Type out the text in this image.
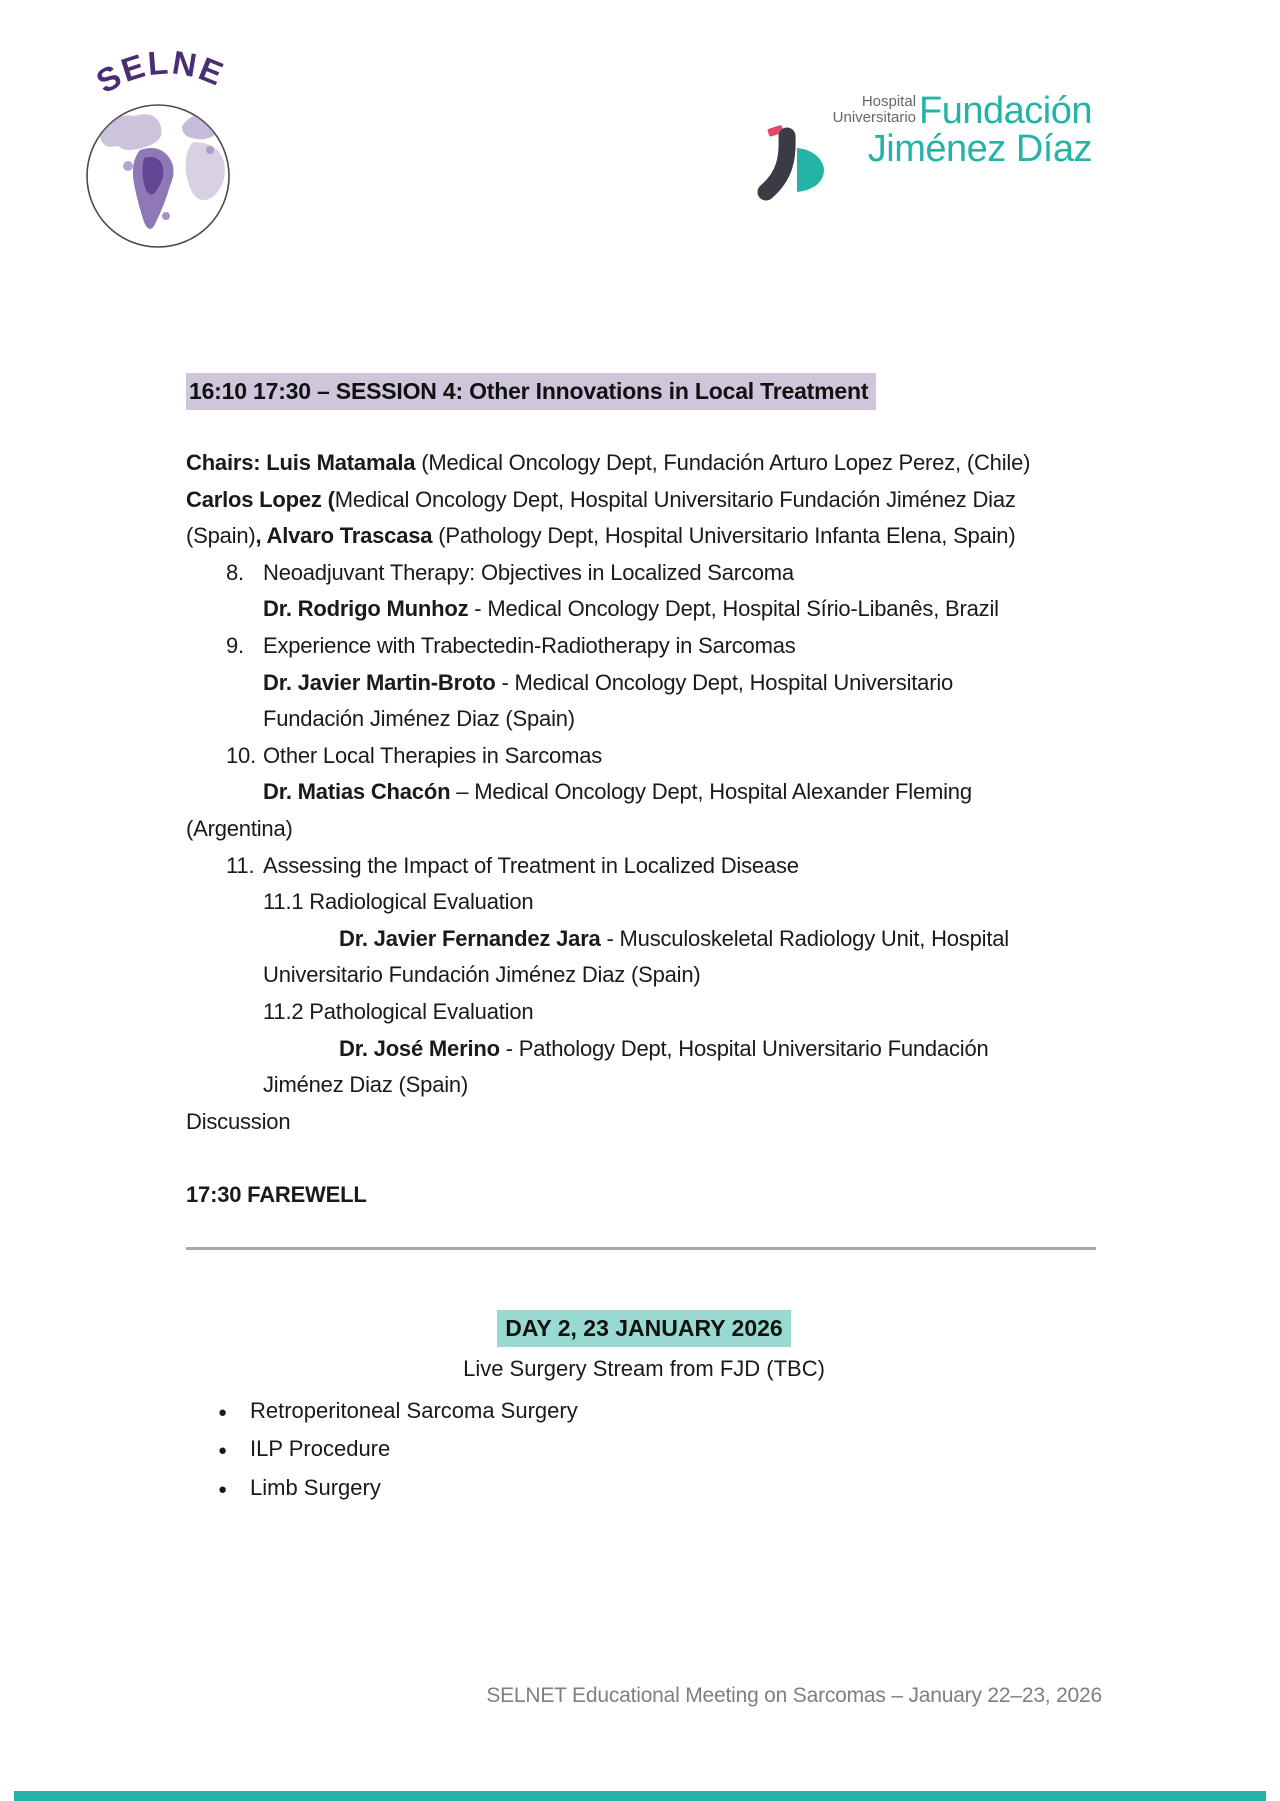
SELNE
Hospital
Universitario Fundación
Jiménez Díaz
16:10 17:30 – SESSION 4: Other Innovations in Local Treatment
Chairs: Luis Matamala (Medical Oncology Dept, Fundación Arturo Lopez Perez, (Chile)
Carlos Lopez (Medical Oncology Dept, Hospital Universitario Fundación Jiménez Diaz
(Spain), Alvaro Trascasa (Pathology Dept, Hospital Universitario Infanta Elena, Spain)
8. Neoadjuvant Therapy: Objectives in Localized Sarcoma
Dr. Rodrigo Munhoz - Medical Oncology Dept, Hospital Sírio-Libanês, Brazil
9. Experience with Trabectedin-Radiotherapy in Sarcomas
Dr. Javier Martin-Broto - Medical Oncology Dept, Hospital Universitario
Fundación Jiménez Diaz (Spain)
10. Other Local Therapies in Sarcomas
Dr. Matias Chacón – Medical Oncology Dept, Hospital Alexander Fleming
(Argentina)
11. Assessing the Impact of Treatment in Localized Disease
11.1 Radiological Evaluation
Dr. Javier Fernandez Jara - Musculoskeletal Radiology Unit, Hospital
Universitario Fundación Jiménez Diaz (Spain)
11.2 Pathological Evaluation
Dr. José Merino - Pathology Dept, Hospital Universitario Fundación
Jiménez Diaz (Spain)
Discussion
17:30 FAREWELL
DAY 2, 23 JANUARY 2026
Live Surgery Stream from FJD (TBC)
● Retroperitoneal Sarcoma Surgery
● ILP Procedure
● Limb Surgery
SELNET Educational Meeting on Sarcomas – January 22–23, 2026
